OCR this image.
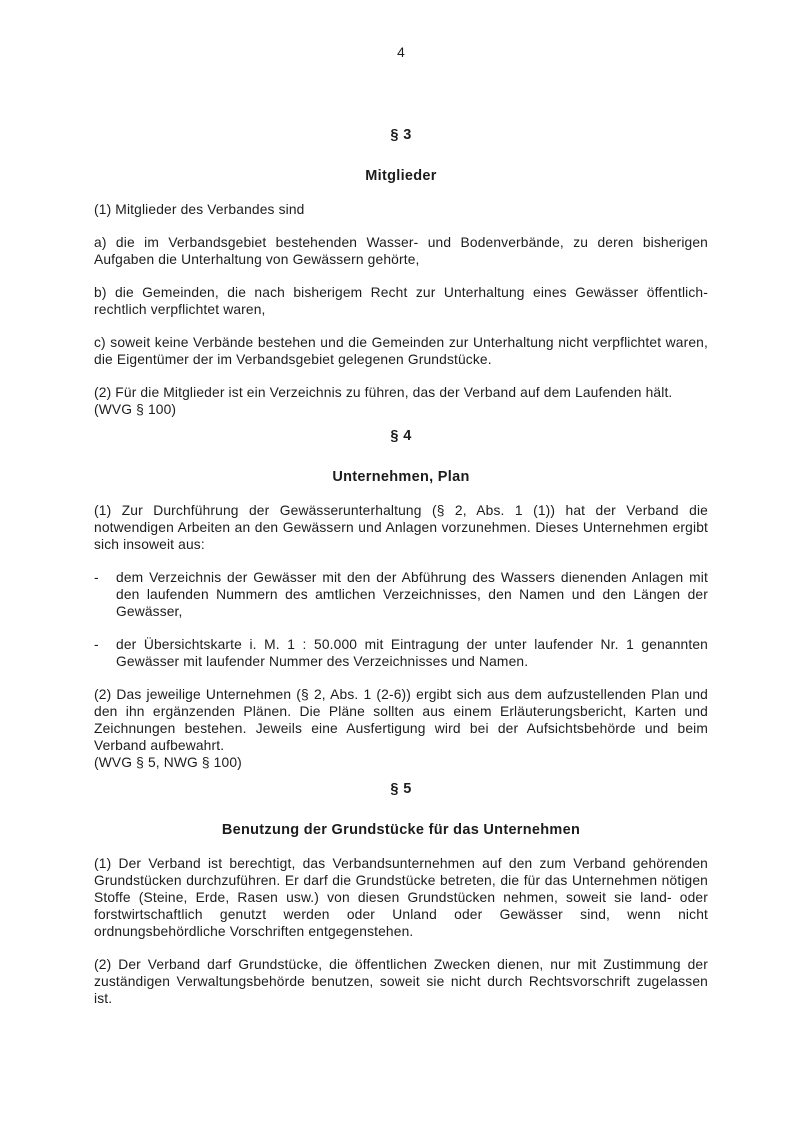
4
§ 3
Mitglieder

(1) Mitglieder des Verbandes sind

a) die im Verbandsgebiet bestehenden Wasser- und Bodenverbände, zu deren bisherigen Aufgaben die Unterhaltung von Gewässern gehörte,

b) die Gemeinden, die nach bisherigem Recht zur Unterhaltung eines Gewässer öffentlich-rechtlich verpflichtet waren,

c) soweit keine Verbände bestehen und die Gemeinden zur Unterhaltung nicht verpflichtet waren, die Eigentümer der im Verbandsgebiet gelegenen Grundstücke.

(2) Für die Mitglieder ist ein Verzeichnis zu führen, das der Verband auf dem Laufenden hält.

(WVG § 100)

§ 4
Unternehmen, Plan

(1) Zur Durchführung der Gewässerunterhaltung (§ 2, Abs. 1 (1)) hat der Verband die notwendigen Arbeiten an den Gewässern und Anlagen vorzunehmen. Dieses Unternehmen ergibt sich insoweit aus:

-	dem Verzeichnis der Gewässer mit den der Abführung des Wassers dienenden Anlagen mit den laufenden Nummern des amtlichen Verzeichnisses, den Namen und den Längen der Gewässer,
-	der Übersichtskarte i. M. 1 : 50.000 mit Eintragung der unter laufender Nr. 1 genannten Gewässer mit laufender Nummer des Verzeichnisses und Namen.

(2) Das jeweilige Unternehmen (§ 2, Abs. 1 (2-6)) ergibt sich aus dem aufzustellenden Plan und den ihn ergänzenden Plänen. Die Pläne sollten aus einem Erläuterungsbericht, Karten und Zeichnungen bestehen. Jeweils eine Ausfertigung wird bei der Aufsichtsbehörde und beim Verband aufbewahrt.

(WVG § 5, NWG § 100)

§ 5
Benutzung der Grundstücke für das Unternehmen

(1) Der Verband ist berechtigt, das Verbandsunternehmen auf den zum Verband gehörenden Grundstücken durchzuführen. Er darf die Grundstücke betreten, die für das Unternehmen nötigen Stoffe (Steine, Erde, Rasen usw.) von diesen Grundstücken nehmen, soweit sie land- oder forstwirtschaftlich genutzt werden oder Unland oder Gewässer sind, wenn nicht ordnungsbehördliche Vorschriften entgegenstehen.

(2) Der Verband darf Grundstücke, die öffentlichen Zwecken dienen, nur mit Zustimmung der zuständigen Verwaltungsbehörde benutzen, soweit sie nicht durch Rechtsvorschrift zugelassen ist.
